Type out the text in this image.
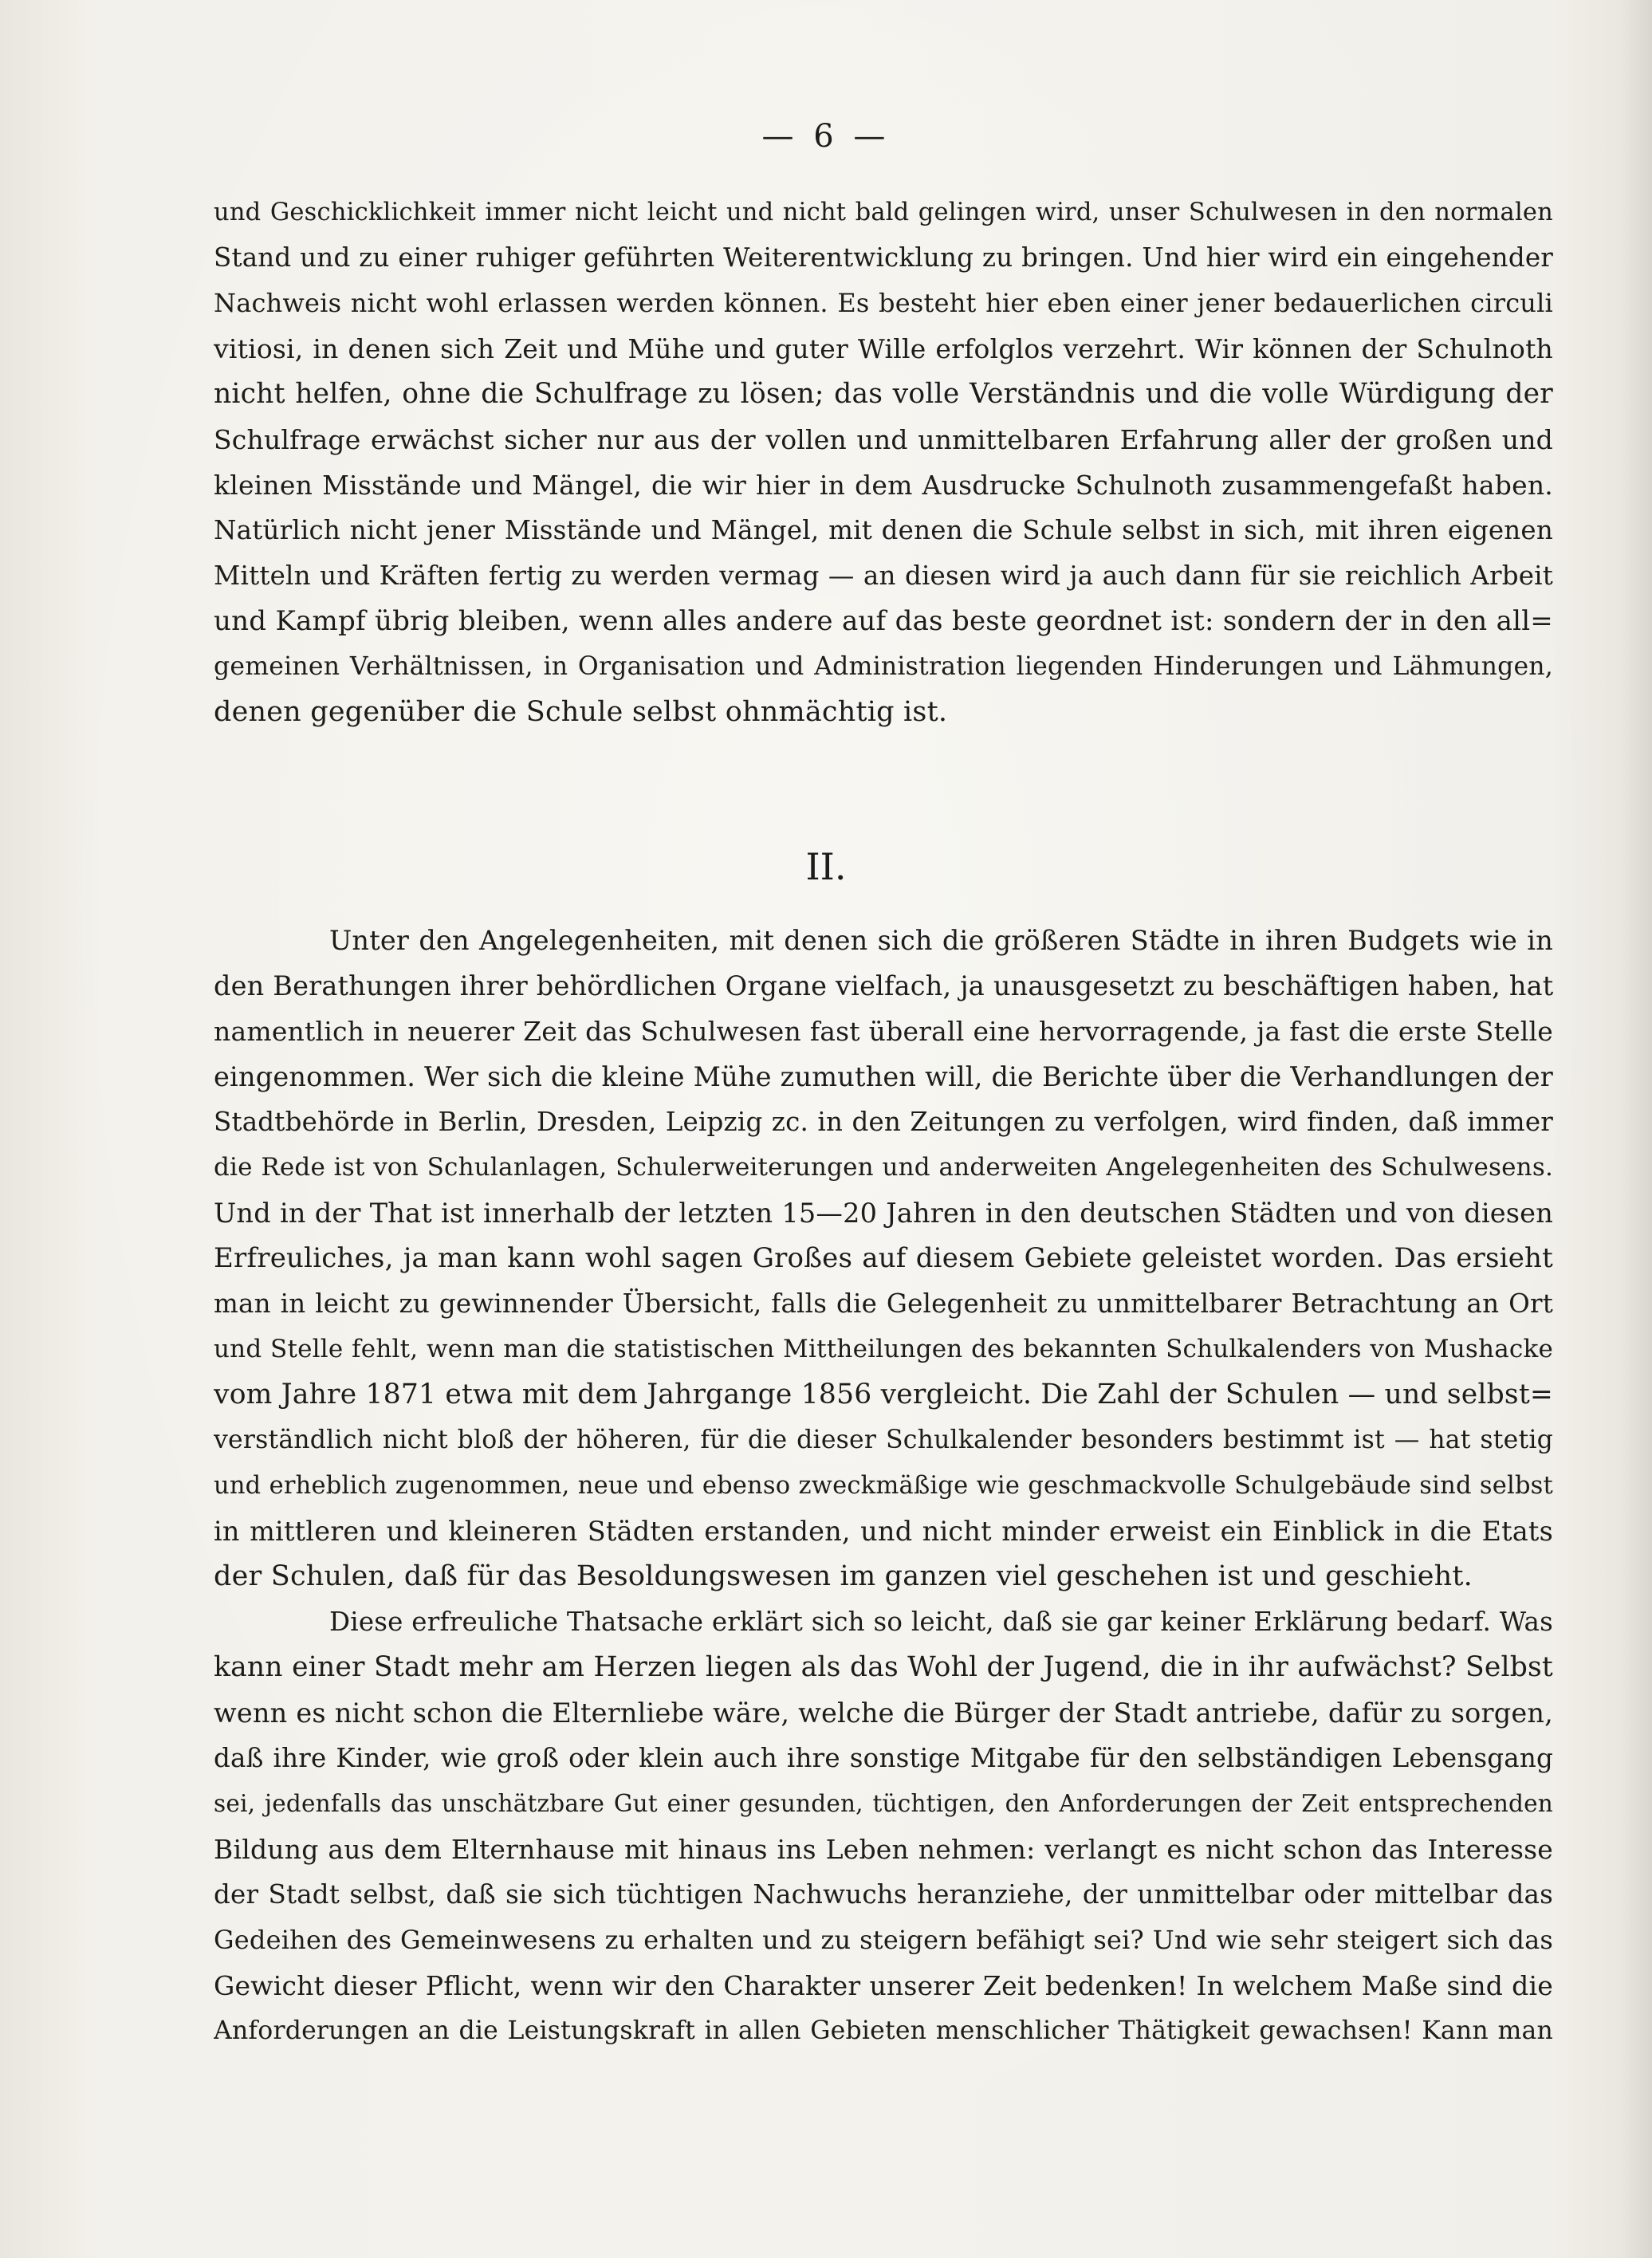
— 6 —
und Geschicklichkeit immer nicht leicht und nicht bald gelingen wird, unser Schulwesen in den normalen
Stand und zu einer ruhiger geführten Weiterentwicklung zu bringen. Und hier wird ein eingehender
Nachweis nicht wohl erlassen werden können. Es besteht hier eben einer jener bedauerlichen circuli
vitiosi, in denen sich Zeit und Mühe und guter Wille erfolglos verzehrt. Wir können der Schulnoth
nicht helfen, ohne die Schulfrage zu lösen; das volle Verständnis und die volle Würdigung der
Schulfrage erwächst sicher nur aus der vollen und unmittelbaren Erfahrung aller der großen und
kleinen Misstände und Mängel, die wir hier in dem Ausdrucke Schulnoth zusammengefaßt haben.
Natürlich nicht jener Misstände und Mängel, mit denen die Schule selbst in sich, mit ihren eigenen
Mitteln und Kräften fertig zu werden vermag — an diesen wird ja auch dann für sie reichlich Arbeit
und Kampf übrig bleiben, wenn alles andere auf das beste geordnet ist: sondern der in den all=
gemeinen Verhältnissen, in Organisation und Administration liegenden Hinderungen und Lähmungen,
denen gegenüber die Schule selbst ohnmächtig ist.
II.
Unter den Angelegenheiten, mit denen sich die größeren Städte in ihren Budgets wie in
den Berathungen ihrer behördlichen Organe vielfach, ja unausgesetzt zu beschäftigen haben, hat
namentlich in neuerer Zeit das Schulwesen fast überall eine hervorragende, ja fast die erste Stelle
eingenommen. Wer sich die kleine Mühe zumuthen will, die Berichte über die Verhandlungen der
Stadtbehörde in Berlin, Dresden, Leipzig zc. in den Zeitungen zu verfolgen, wird finden, daß immer
die Rede ist von Schulanlagen, Schulerweiterungen und anderweiten Angelegenheiten des Schulwesens.
Und in der That ist innerhalb der letzten 15—20 Jahren in den deutschen Städten und von diesen
Erfreuliches, ja man kann wohl sagen Großes auf diesem Gebiete geleistet worden. Das ersieht
man in leicht zu gewinnender Übersicht, falls die Gelegenheit zu unmittelbarer Betrachtung an Ort
und Stelle fehlt, wenn man die statistischen Mittheilungen des bekannten Schulkalenders von Mushacke
vom Jahre 1871 etwa mit dem Jahrgange 1856 vergleicht. Die Zahl der Schulen — und selbst=
verständlich nicht bloß der höheren, für die dieser Schulkalender besonders bestimmt ist — hat stetig
und erheblich zugenommen, neue und ebenso zweckmäßige wie geschmackvolle Schulgebäude sind selbst
in mittleren und kleineren Städten erstanden, und nicht minder erweist ein Einblick in die Etats
der Schulen, daß für das Besoldungswesen im ganzen viel geschehen ist und geschieht.
Diese erfreuliche Thatsache erklärt sich so leicht, daß sie gar keiner Erklärung bedarf. Was
kann einer Stadt mehr am Herzen liegen als das Wohl der Jugend, die in ihr aufwächst? Selbst
wenn es nicht schon die Elternliebe wäre, welche die Bürger der Stadt antriebe, dafür zu sorgen,
daß ihre Kinder, wie groß oder klein auch ihre sonstige Mitgabe für den selbständigen Lebensgang
sei, jedenfalls das unschätzbare Gut einer gesunden, tüchtigen, den Anforderungen der Zeit entsprechenden
Bildung aus dem Elternhause mit hinaus ins Leben nehmen: verlangt es nicht schon das Interesse
der Stadt selbst, daß sie sich tüchtigen Nachwuchs heranziehe, der unmittelbar oder mittelbar das
Gedeihen des Gemeinwesens zu erhalten und zu steigern befähigt sei? Und wie sehr steigert sich das
Gewicht dieser Pflicht, wenn wir den Charakter unserer Zeit bedenken! In welchem Maße sind die
Anforderungen an die Leistungskraft in allen Gebieten menschlicher Thätigkeit gewachsen! Kann man
